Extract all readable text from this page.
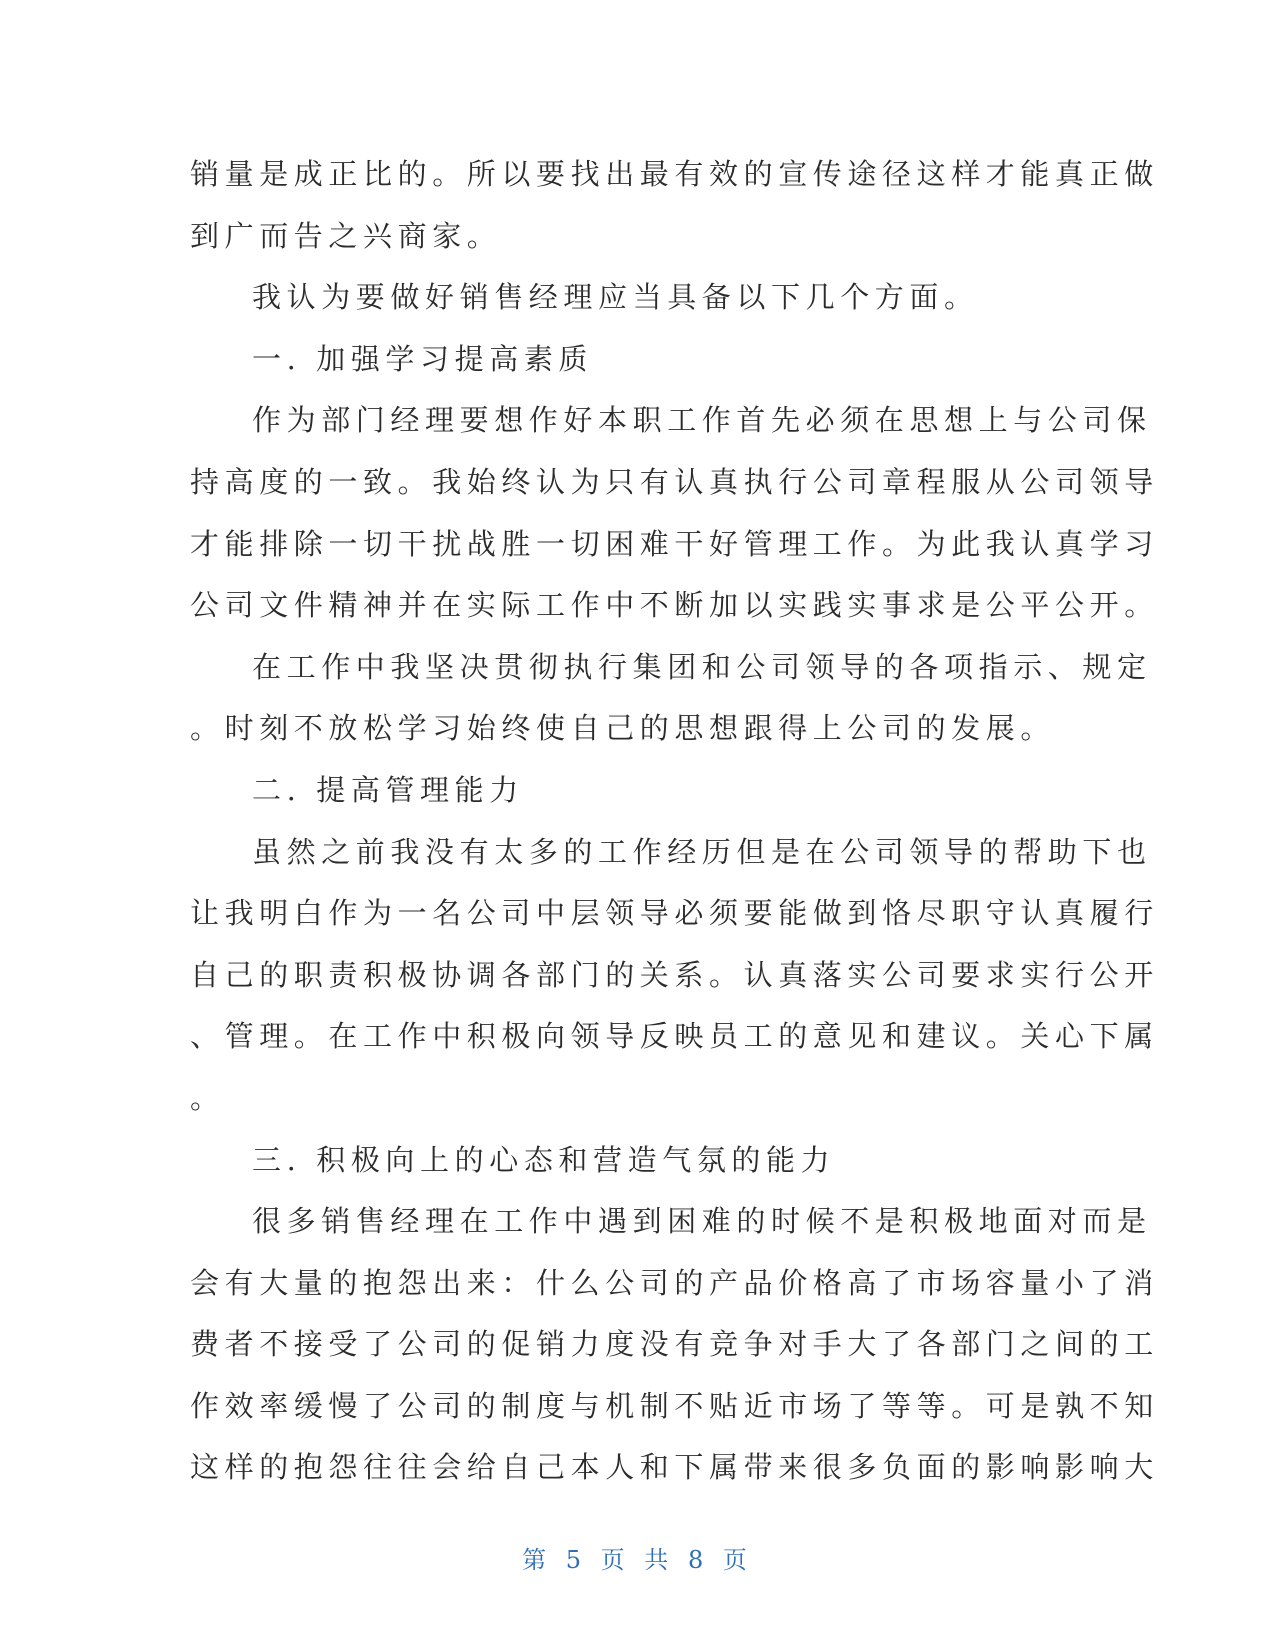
销量是成正比的。所以要找出最有效的宣传途径这样才能真正做
到广而告之兴商家。
我认为要做好销售经理应当具备以下几个方面。
一. 加强学习提高素质
作为部门经理要想作好本职工作首先必须在思想上与公司保
持高度的一致。我始终认为只有认真执行公司章程服从公司领导
才能排除一切干扰战胜一切困难干好管理工作。为此我认真学习
公司文件精神并在实际工作中不断加以实践实事求是公平公开。
在工作中我坚决贯彻执行集团和公司领导的各项指示、规定
。时刻不放松学习始终使自己的思想跟得上公司的发展。
二. 提高管理能力
虽然之前我没有太多的工作经历但是在公司领导的帮助下也
让我明白作为一名公司中层领导必须要能做到恪尽职守认真履行
自己的职责积极协调各部门的关系。认真落实公司要求实行公开
、管理。在工作中积极向领导反映员工的意见和建议。关心下属
。
三. 积极向上的心态和营造气氛的能力
很多销售经理在工作中遇到困难的时候不是积极地面对而是
会有大量的抱怨出来：什么公司的产品价格高了市场容量小了消
费者不接受了公司的促销力度没有竞争对手大了各部门之间的工
作效率缓慢了公司的制度与机制不贴近市场了等等。可是孰不知
这样的抱怨往往会给自己本人和下属带来很多负面的影响影响大
第 5 页 共 8 页
